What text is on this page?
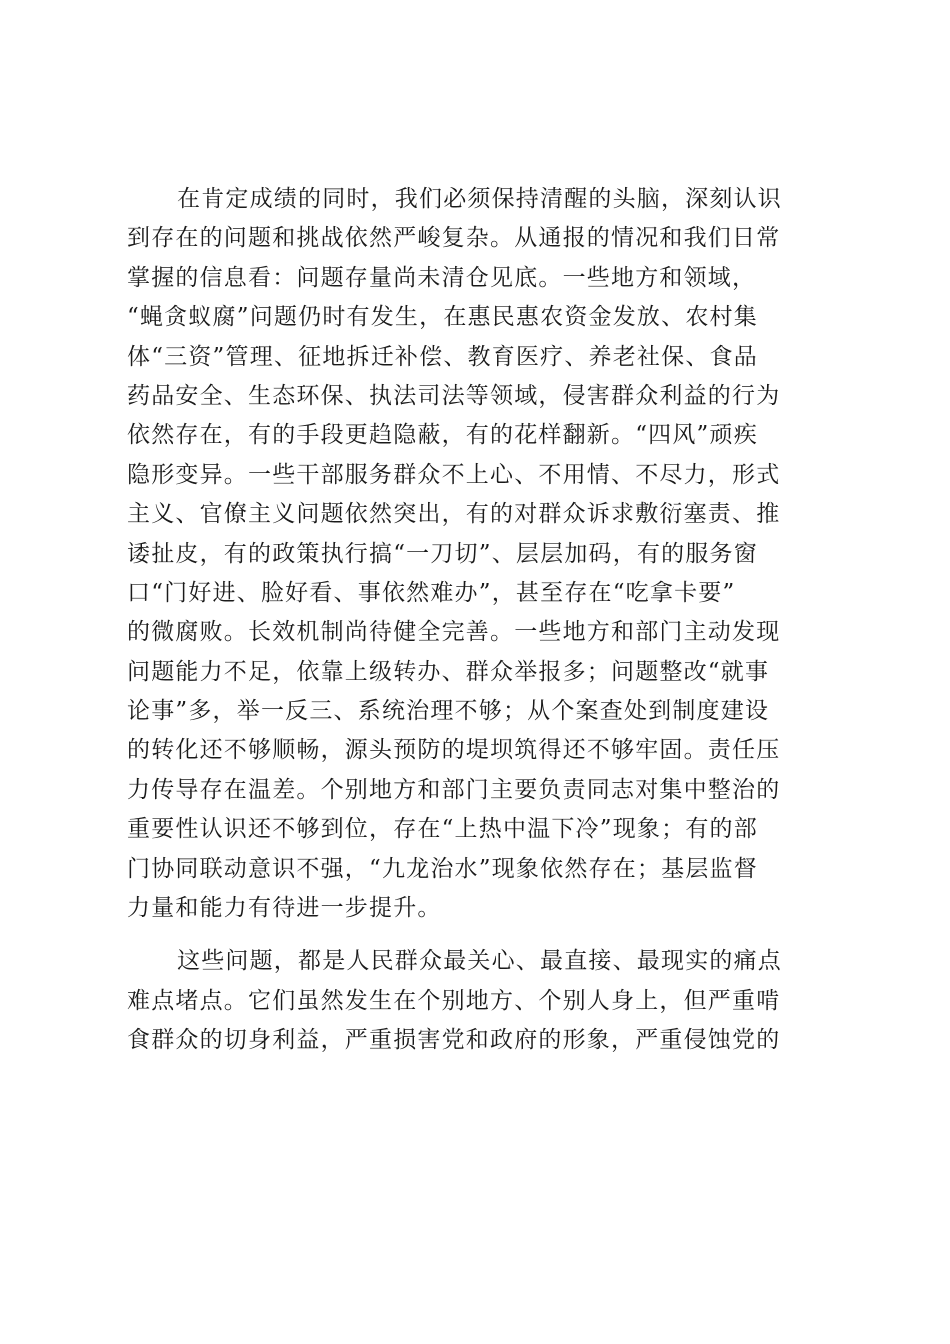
在肯定成绩的同时，我们必须保持清醒的头脑，深刻认识
到存在的问题和挑战依然严峻复杂。从通报的情况和我们日常
掌握的信息看：问题存量尚未清仓见底。一些地方和领域，
“蝇贪蚁腐”问题仍时有发生，在惠民惠农资金发放、农村集
体“三资”管理、征地拆迁补偿、教育医疗、养老社保、食品
药品安全、生态环保、执法司法等领域，侵害群众利益的行为
依然存在，有的手段更趋隐蔽，有的花样翻新。“四风”顽疾
隐形变异。一些干部服务群众不上心、不用情、不尽力，形式
主义、官僚主义问题依然突出，有的对群众诉求敷衍塞责、推
诿扯皮，有的政策执行搞“一刀切”、层层加码，有的服务窗
口“门好进、脸好看、事依然难办”，甚至存在“吃拿卡要”
的微腐败。长效机制尚待健全完善。一些地方和部门主动发现
问题能力不足，依靠上级转办、群众举报多；问题整改“就事
论事”多，举一反三、系统治理不够；从个案查处到制度建设
的转化还不够顺畅，源头预防的堤坝筑得还不够牢固。责任压
力传导存在温差。个别地方和部门主要负责同志对集中整治的
重要性认识还不够到位，存在“上热中温下冷”现象；有的部
门协同联动意识不强，“九龙治水”现象依然存在；基层监督
力量和能力有待进一步提升。
这些问题，都是人民群众最关心、最直接、最现实的痛点
难点堵点。它们虽然发生在个别地方、个别人身上，但严重啃
食群众的切身利益，严重损害党和政府的形象，严重侵蚀党的
